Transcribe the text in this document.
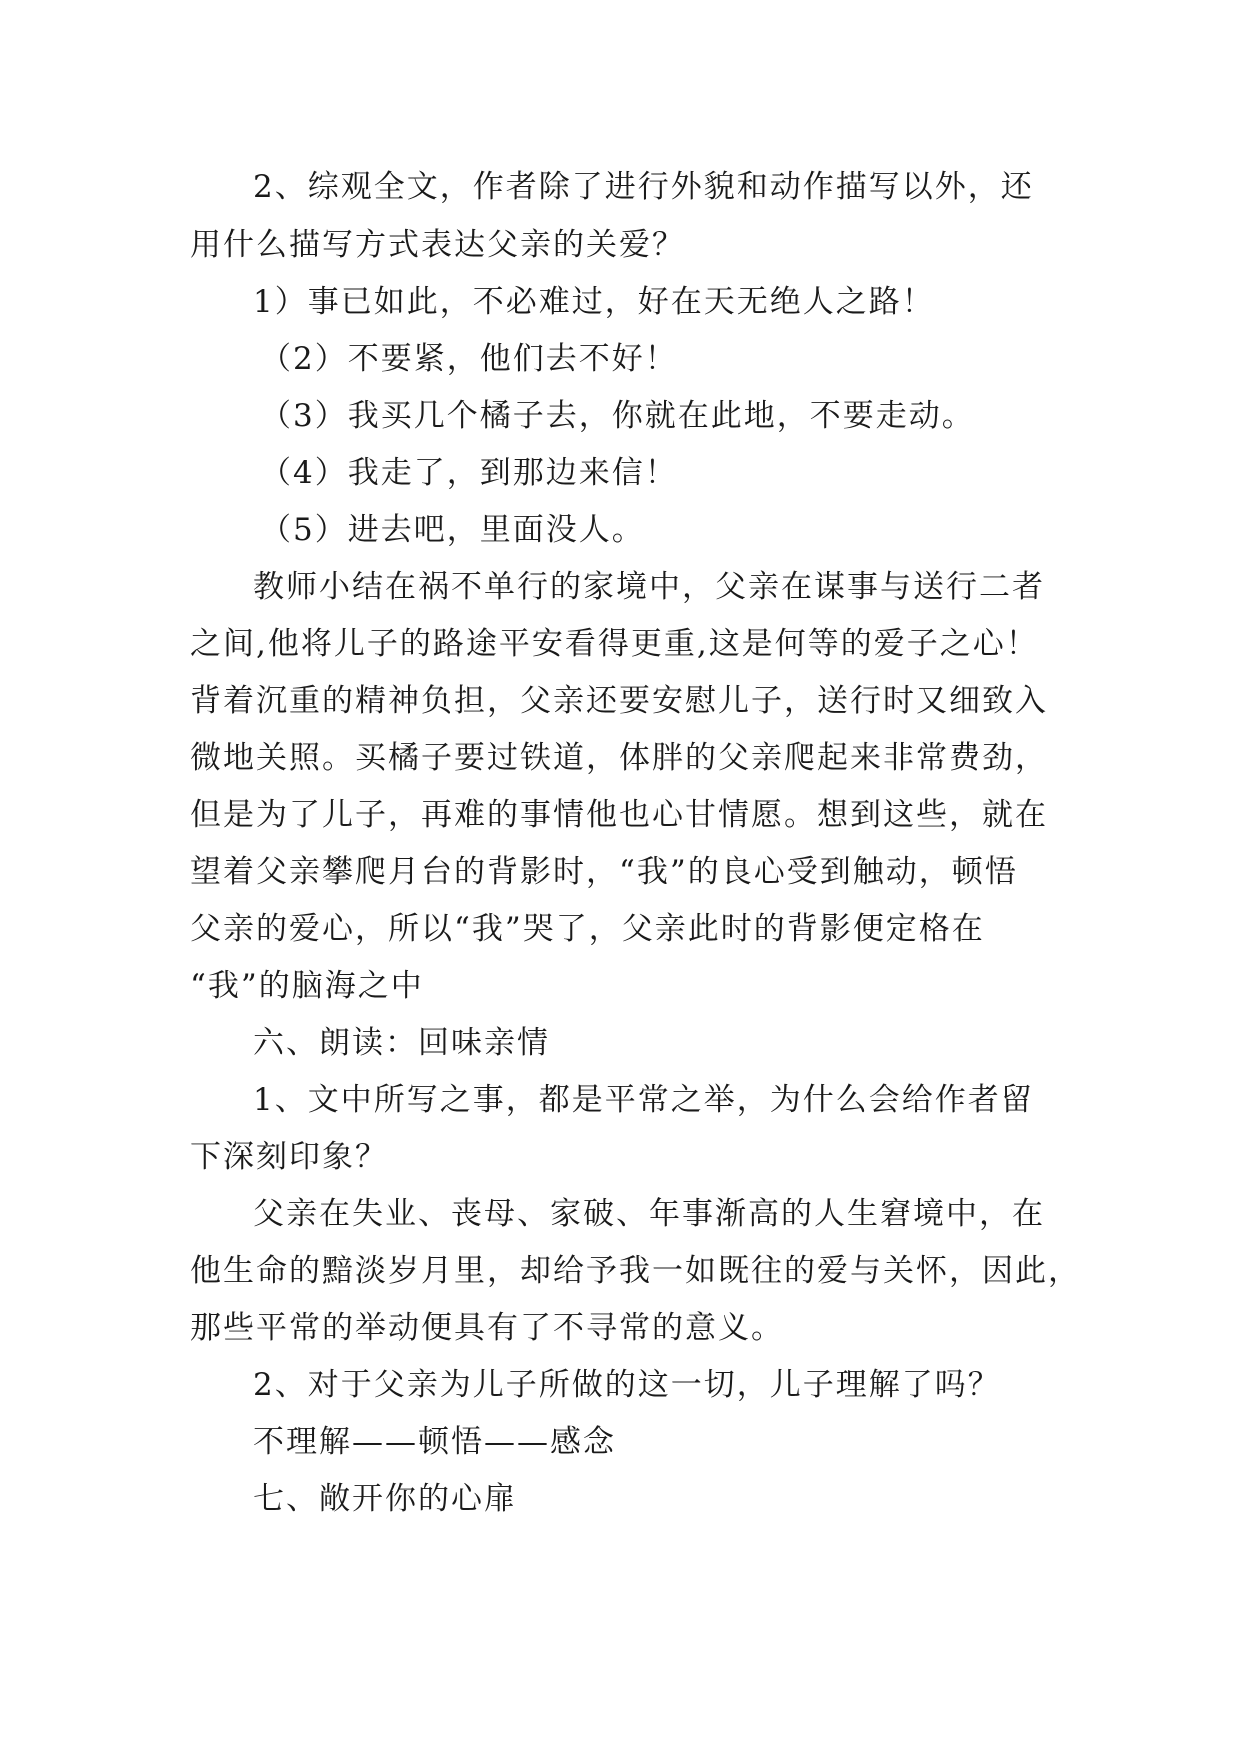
2、综观全文，作者除了进行外貌和动作描写以外，还
用什么描写方式表达父亲的关爱？
1）事已如此，不必难过，好在天无绝人之路！
（2）不要紧，他们去不好！
（3）我买几个橘子去，你就在此地，不要走动。
（4）我走了，到那边来信！
（5）进去吧，里面没人。
教师小结在祸不单行的家境中，父亲在谋事与送行二者
之间,他将儿子的路途平安看得更重,这是何等的爱子之心！
背着沉重的精神负担，父亲还要安慰儿子，送行时又细致入
微地关照。买橘子要过铁道，体胖的父亲爬起来非常费劲，
但是为了儿子，再难的事情他也心甘情愿。想到这些，就在
望着父亲攀爬月台的背影时，“我”的良心受到触动，顿悟
父亲的爱心，所以“我”哭了，父亲此时的背影便定格在
“我”的脑海之中
六、朗读：回味亲情
1、文中所写之事，都是平常之举，为什么会给作者留
下深刻印象？
父亲在失业、丧母、家破、年事渐高的人生窘境中，在
他生命的黯淡岁月里，却给予我一如既往的爱与关怀，因此，
那些平常的举动便具有了不寻常的意义。
2、对于父亲为儿子所做的这一切，儿子理解了吗？
不理解——顿悟——感念
七、敞开你的心扉
